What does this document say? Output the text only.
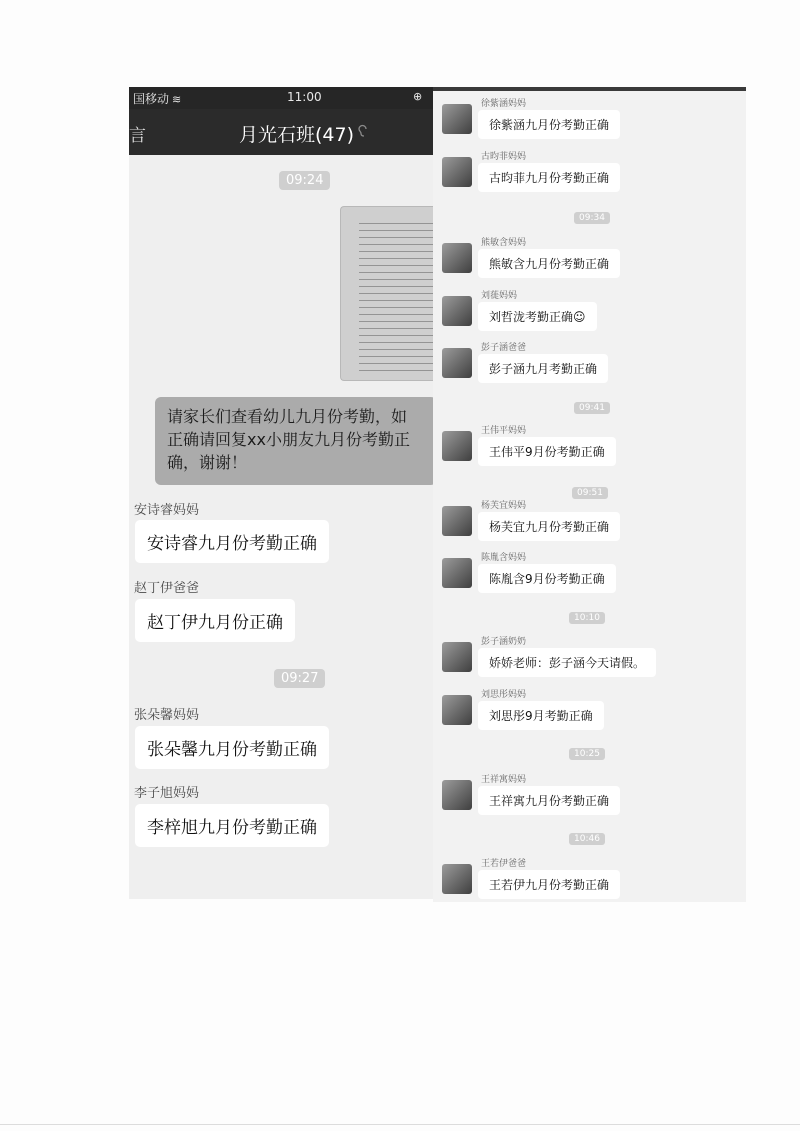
国移动 ≋	11:00	⊕
言	月光石班(47)
09:24
请家长们查看幼儿九月份考勤，如
正确请回复xx小朋友九月份考勤正
确，谢谢！
安诗睿妈妈
安诗睿九月份考勤正确
赵丁伊爸爸
赵丁伊九月份正确
09:27
张朵馨妈妈
张朵馨九月份考勤正确
李子旭妈妈
李梓旭九月份考勤正确
徐紫涵妈妈
徐紫涵九月份考勤正确
古昀菲妈妈
古昀菲九月份考勤正确
09:34
熊敏含妈妈
熊敏含九月份考勤正确
刘蓰妈妈
刘哲泷考勤正确☺
彭子涵爸爸
彭子涵九月考勤正确
09:41
王伟平妈妈
王伟平9月份考勤正确
09:51
杨芙宜妈妈
杨芙宜九月份考勤正确
陈胤含妈妈
陈胤含9月份考勤正确
10:10
彭子涵奶奶
娇娇老师：彭子涵今天请假。
刘思彤妈妈
刘思彤9月考勤正确
10:25
王祥寓妈妈
王祥寓九月份考勤正确
10:46
王若伊爸爸
王若伊九月份考勤正确
